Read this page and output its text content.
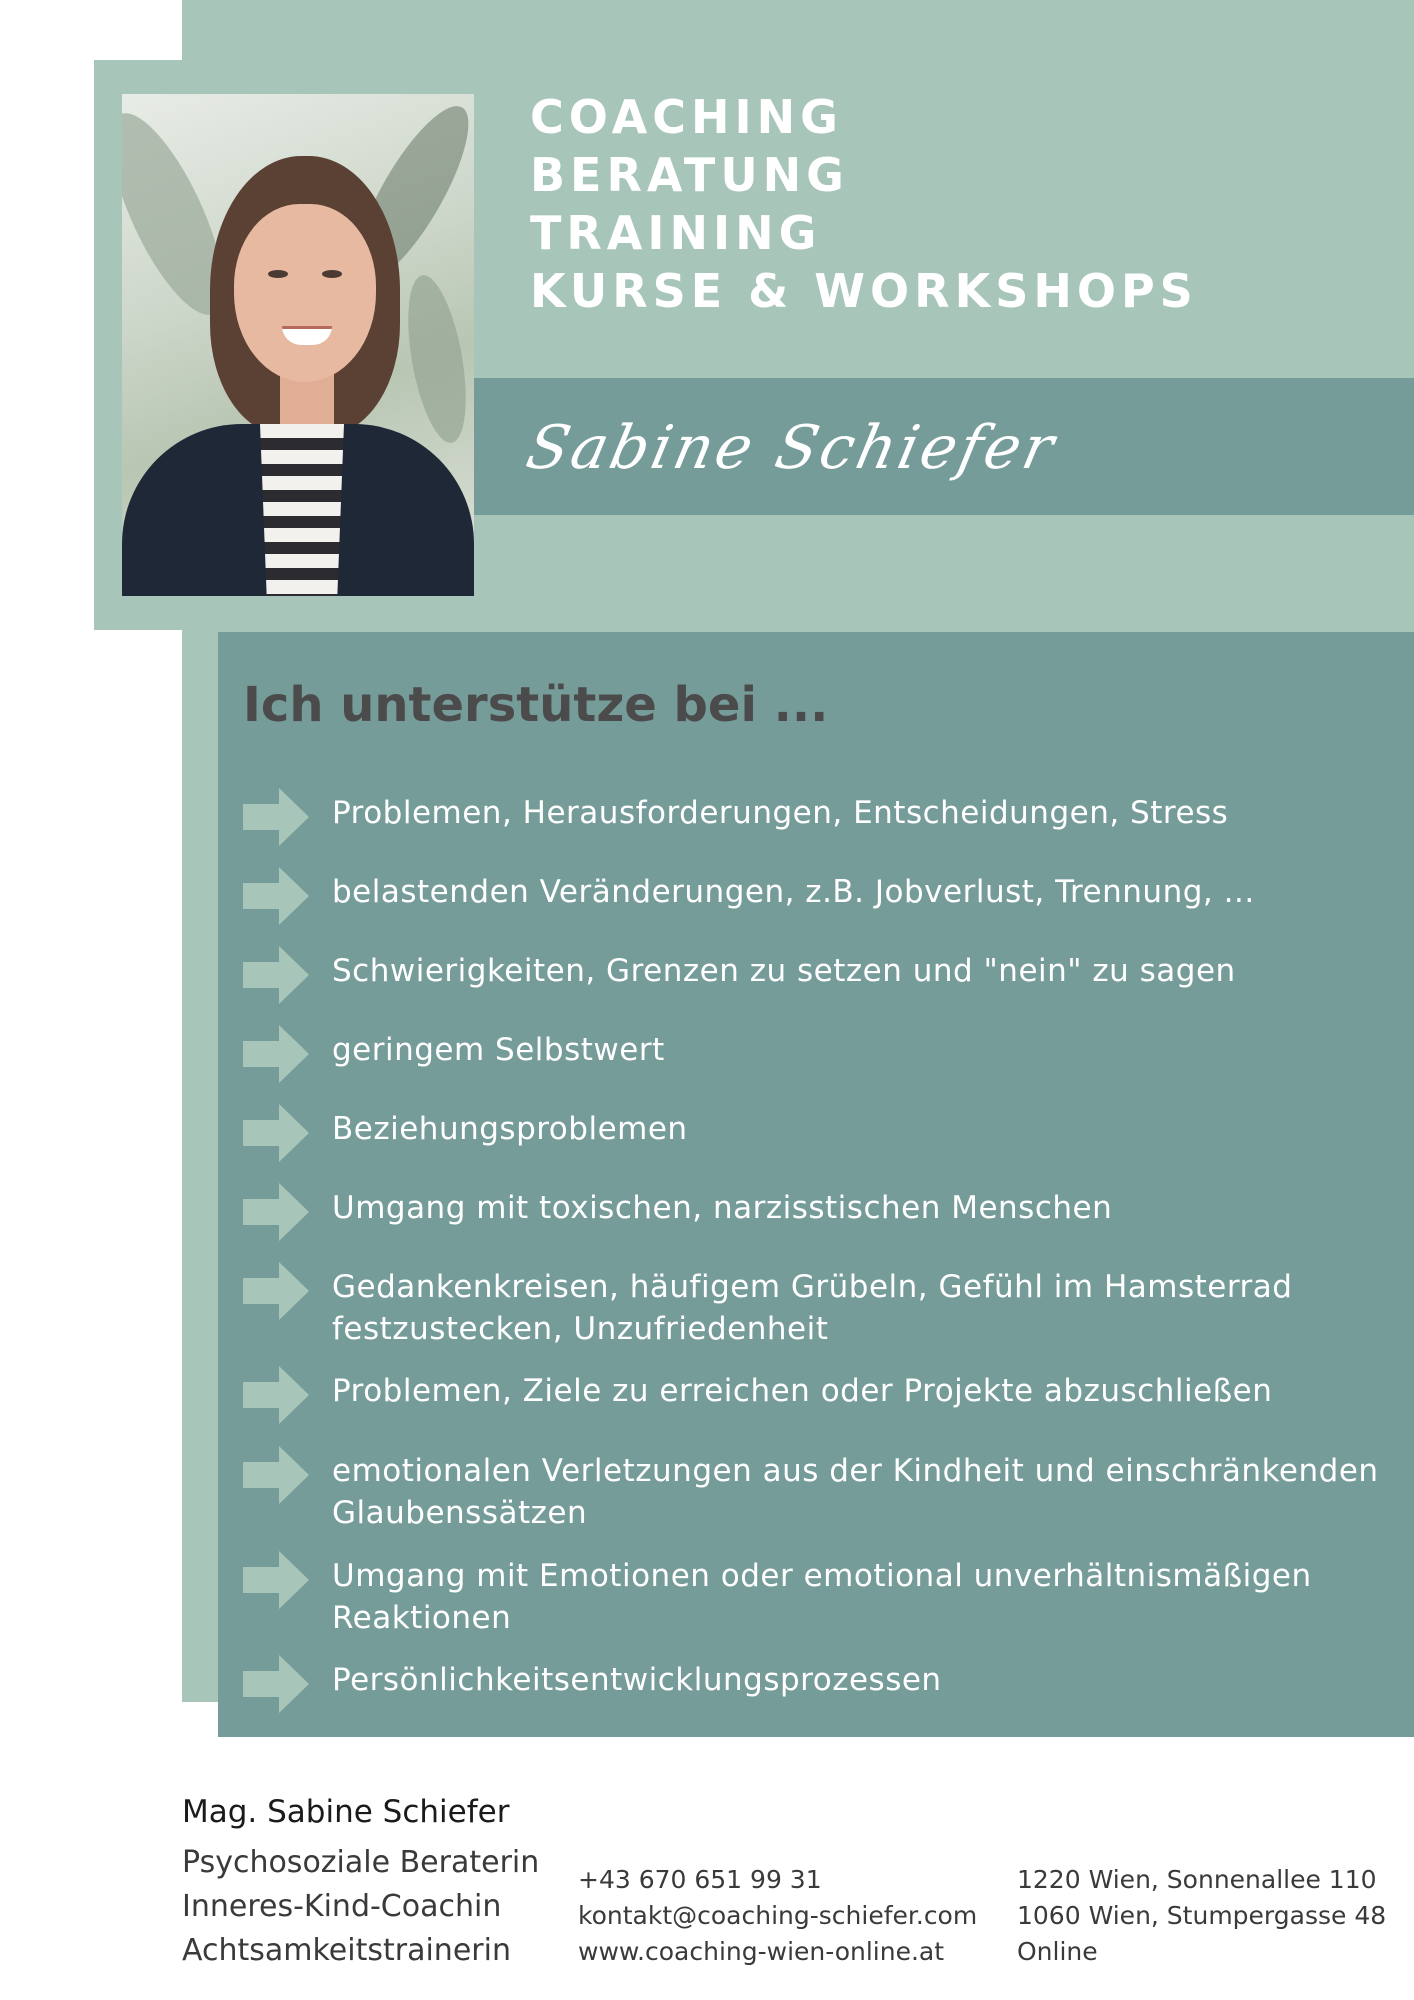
COACHING
BERATUNG
TRAINING
KURSE & WORKSHOPS
Sabine Schiefer
Ich unterstütze bei ...
Problemen, Herausforderungen, Entscheidungen, Stress
belastenden Veränderungen, z.B. Jobverlust, Trennung, ...
Schwierigkeiten, Grenzen zu setzen und "nein" zu sagen
geringem Selbstwert
Beziehungsproblemen
Umgang mit toxischen, narzisstischen Menschen
Gedankenkreisen, häufigem Grübeln, Gefühl im Hamsterrad festzustecken, Unzufriedenheit
Problemen, Ziele zu erreichen oder Projekte abzuschließen
emotionalen Verletzungen aus der Kindheit und einschränkenden Glaubenssätzen
Umgang mit Emotionen oder emotional unverhältnismäßigen Reaktionen
Persönlichkeitsentwicklungsprozessen
Mag. Sabine Schiefer
Psychosoziale Beraterin
Inneres-Kind-Coachin
Achtsamkeitstrainerin
+43 670 651 99 31
kontakt@coaching-schiefer.com
www.coaching-wien-online.at
1220 Wien, Sonnenallee 110
1060 Wien, Stumpergasse 48
Online
